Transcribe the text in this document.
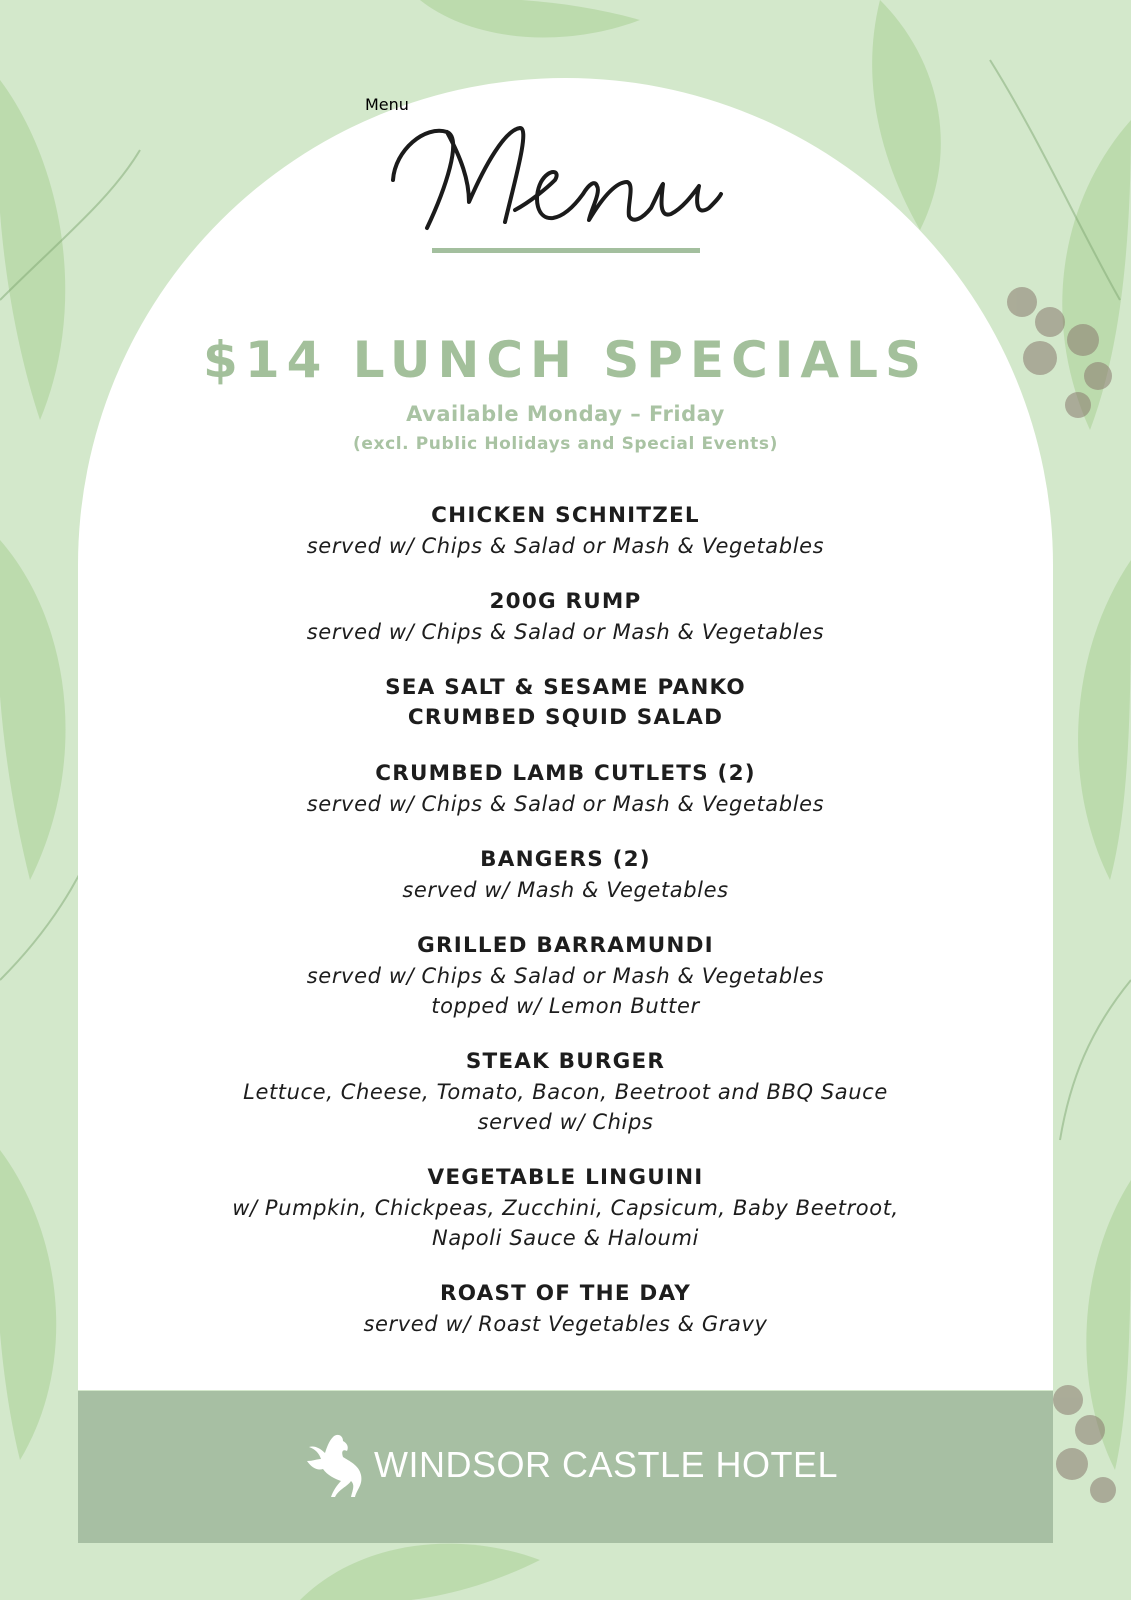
Menu
$14 LUNCH SPECIALS
Available Monday – Friday
(excl. Public Holidays and Special Events)
CHICKEN SCHNITZEL
served w/ Chips & Salad or Mash & Vegetables
200G RUMP
served w/ Chips & Salad or Mash & Vegetables
SEA SALT & SESAME PANKO
CRUMBED SQUID SALAD
CRUMBED LAMB CUTLETS (2)
served w/ Chips & Salad or Mash & Vegetables
BANGERS (2)
served w/ Mash & Vegetables
GRILLED BARRAMUNDI
served w/ Chips & Salad or Mash & Vegetables
topped w/ Lemon Butter
STEAK BURGER
Lettuce, Cheese, Tomato, Bacon, Beetroot and BBQ Sauce
served w/ Chips
VEGETABLE LINGUINI
w/ Pumpkin, Chickpeas, Zucchini, Capsicum, Baby Beetroot,
Napoli Sauce & Haloumi
ROAST OF THE DAY
served w/ Roast Vegetables & Gravy
WINDSOR CASTLE HOTEL
